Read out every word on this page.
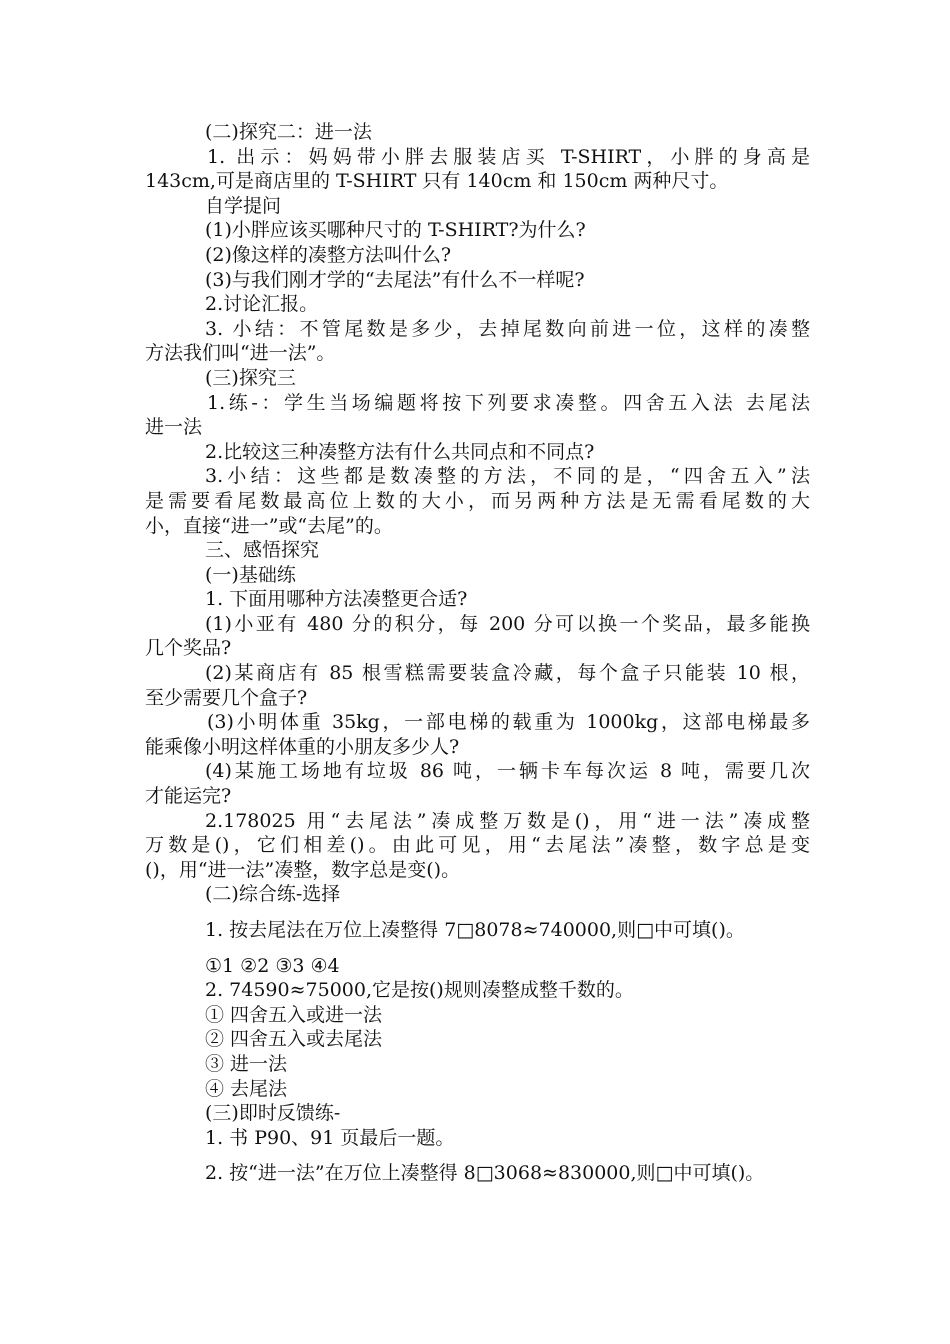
(二)探究二：进一法

1. 出示：妈妈带小胖去服装店买 T-SHIRT，小胖的身高是

143cm,可是商店里的 T-SHIRT 只有 140cm 和 150cm 两种尺寸。

自学提问

(1)小胖应该买哪种尺寸的 T-SHIRT?为什么?

(2)像这样的凑整方法叫什么?

(3)与我们刚才学的“去尾法”有什么不一样呢?

2.讨论汇报。

3. 小结：不管尾数是多少，去掉尾数向前进一位，这样的凑整

方法我们叫“进一法”。

(三)探究三

1.练-：学生当场编题将按下列要求凑整。四舍五入法 去尾法

进一法

2.比较这三种凑整方法有什么共同点和不同点?

3.小结：这些都是数凑整的方法，不同的是，“四舍五入”法

是需要看尾数最高位上数的大小，而另两种方法是无需看尾数的大

小，直接“进一”或“去尾”的。

三、感悟探究

(一)基础练

1. 下面用哪种方法凑整更合适?

(1)小亚有 480 分的积分，每 200 分可以换一个奖品，最多能换

几个奖品?

(2)某商店有 85 根雪糕需要装盒冷藏，每个盒子只能装 10 根，

至少需要几个盒子?

(3)小明体重 35kg，一部电梯的载重为 1000kg，这部电梯最多

能乘像小明这样体重的小朋友多少人?

(4)某施工场地有垃圾 86 吨，一辆卡车每次运 8 吨，需要几次

才能运完?

2.178025 用“去尾法”凑成整万数是()，用“进一法”凑成整

万数是()，它们相差()。由此可见，用“去尾法”凑整，数字总是变

()，用“进一法”凑整，数字总是变()。

(二)综合练-选择

1. 按去尾法在万位上凑整得 7□8078≈740000,则□中可填()。

①1 ②2 ③3 ④4

2. 74590≈75000,它是按()规则凑整成整千数的。

① 四舍五入或进一法

② 四舍五入或去尾法

③ 进一法

④ 去尾法

(三)即时反馈练-

1. 书 P90、91 页最后一题。

2. 按“进一法”在万位上凑整得 8□3068≈830000,则□中可填()。
